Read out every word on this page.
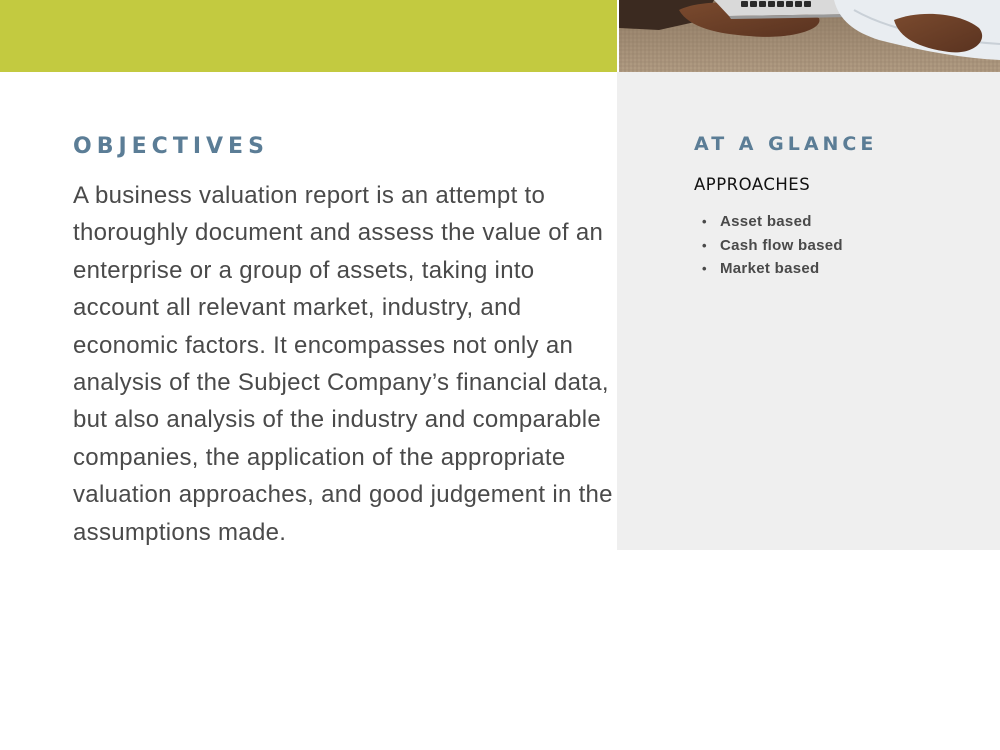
OBJECTIVES

A business valuation report is an attempt to thoroughly document and assess the value of an enterprise or a group of assets, taking into account all relevant market, industry, and economic factors. It encompasses not only an analysis of the Subject Company’s financial data, but also analysis of the industry and comparable companies, the application of the appropriate valuation approaches, and good judgement in the assumptions made.

AT A GLANCE
APPROACHES
• Asset based
• Cash flow based
• Market based
